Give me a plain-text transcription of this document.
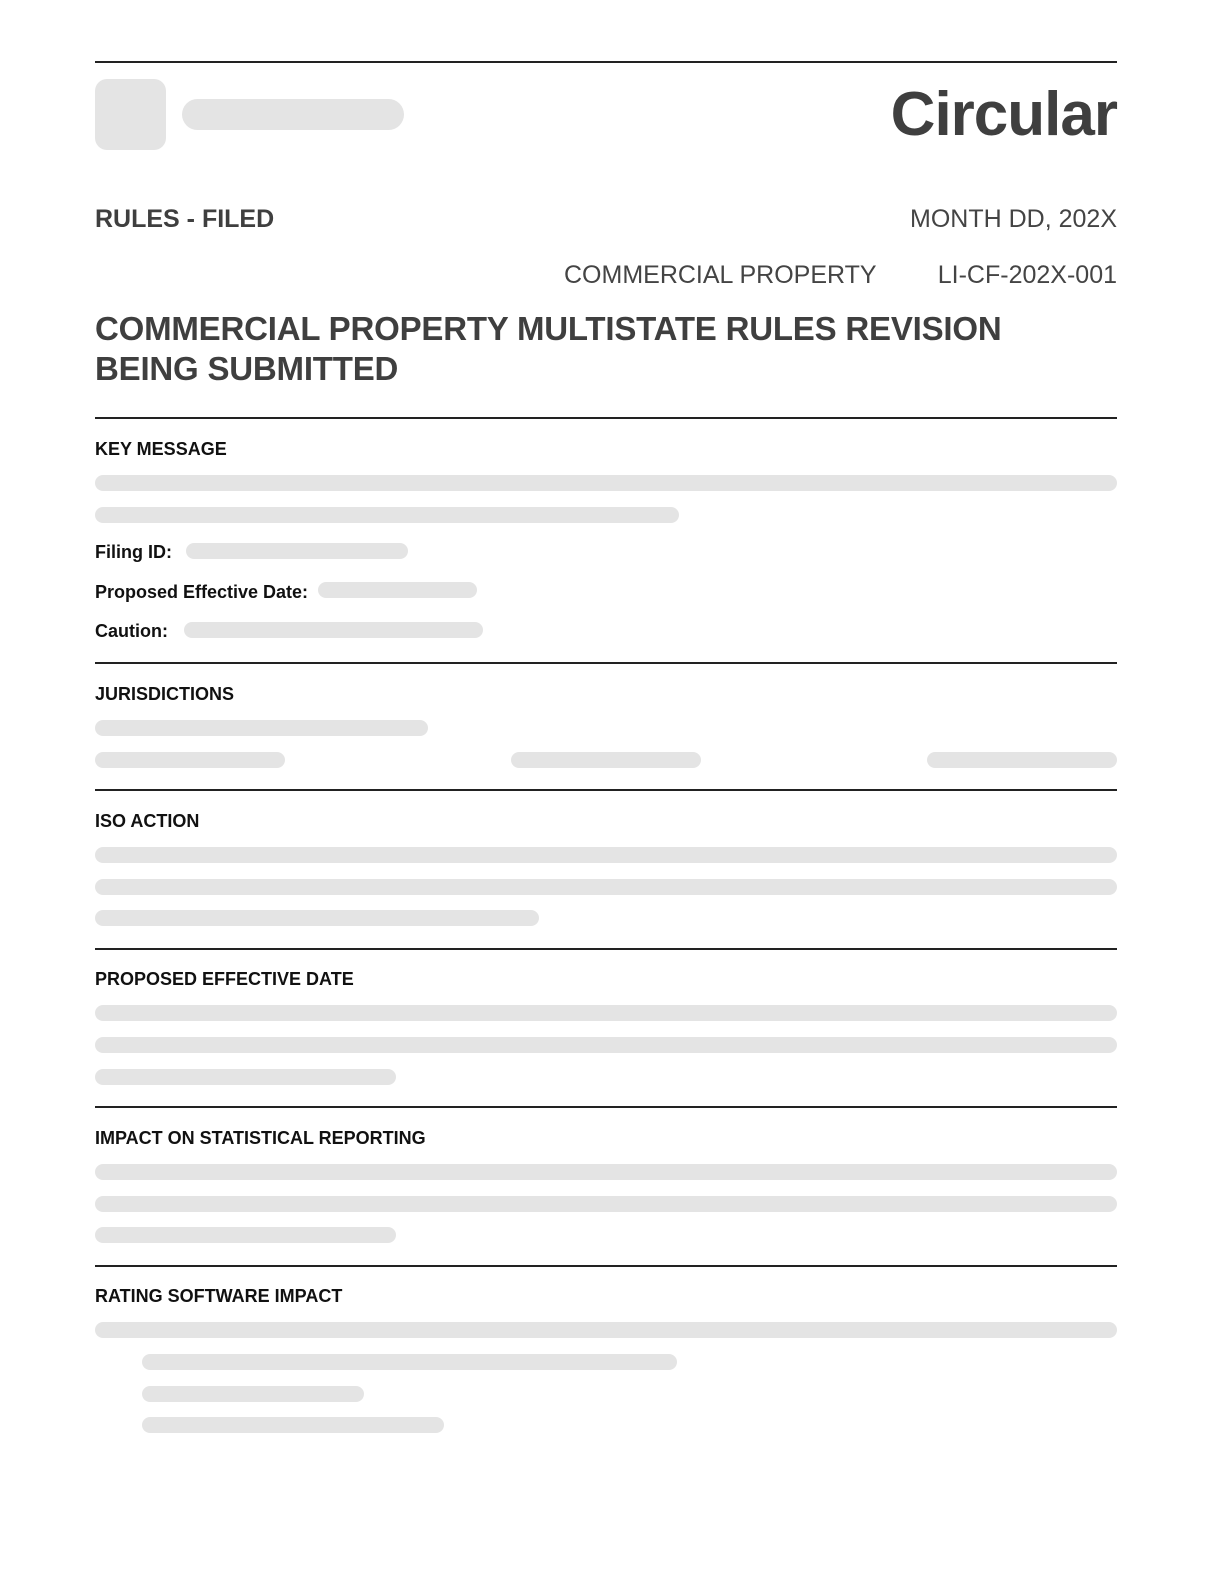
Circular
RULES - FILED	MONTH DD, 202X
COMMERCIAL PROPERTY LI-CF-202X-001
COMMERCIAL PROPERTY MULTISTATE RULES REVISION BEING SUBMITTED
KEY MESSAGE
Filing ID:
Proposed Effective Date:
Caution:
JURISDICTIONS
ISO ACTION
PROPOSED EFFECTIVE DATE
IMPACT ON STATISTICAL REPORTING
RATING SOFTWARE IMPACT
